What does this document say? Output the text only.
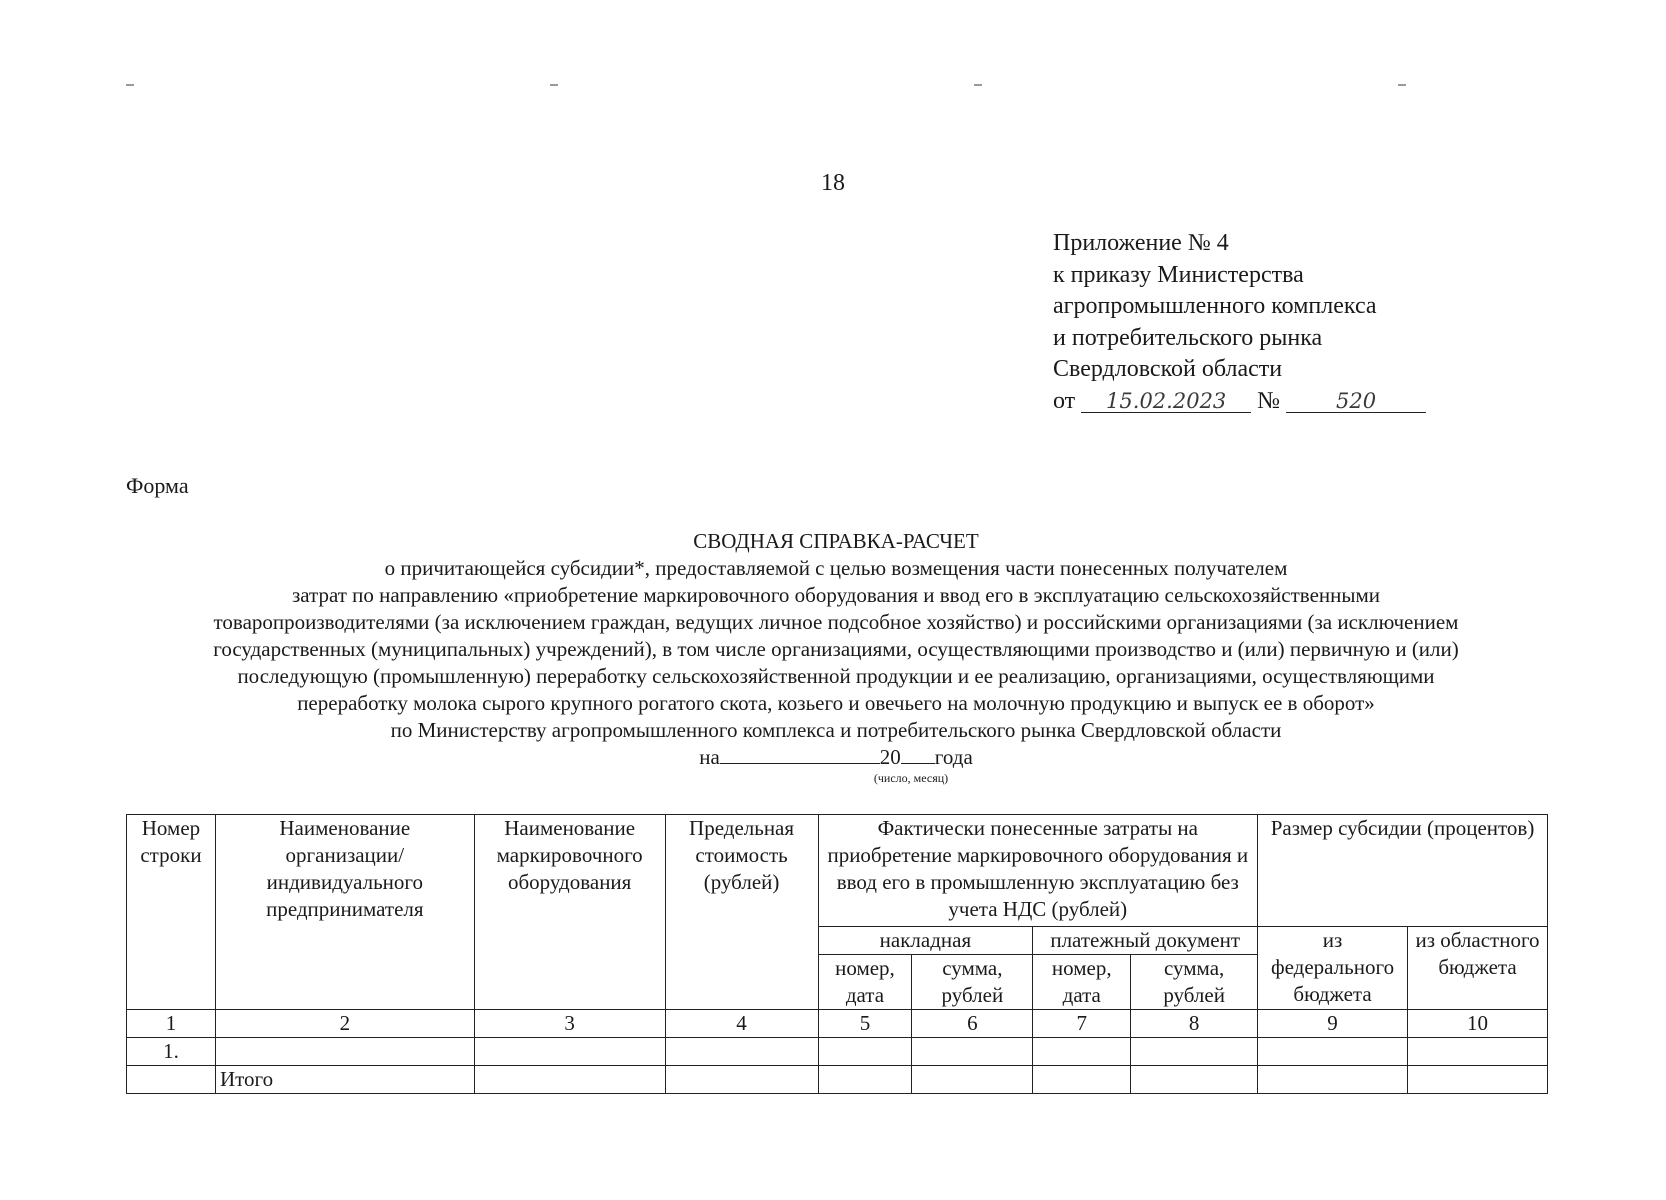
18
Приложение № 4
к приказу Министерства
агропромышленного комплекса
и потребительского рынка
Свердловской области
от 15.02.2023 №	520
Форма
СВОДНАЯ СПРАВКА-РАСЧЕТ
о причитающейся субсидии*, предоставляемой с целью возмещения части понесенных получателем
затрат по направлению «приобретение маркировочного оборудования и ввод его в эксплуатацию сельскохозяйственными
товаропроизводителями (за исключением граждан, ведущих личное подсобное хозяйство) и российскими организациями (за исключением
государственных (муниципальных) учреждений), в том числе организациями, осуществляющими производство и (или) первичную и (или)
последующую (промышленную) переработку сельскохозяйственной продукции и ее реализацию, организациями, осуществляющими
переработку молока сырого крупного рогатого скота, козьего и овечьего на молочную продукцию и выпуск ее в оборот»
по Министерству агропромышленного комплекса и потребительского рынка Свердловской области
на	20 года
(число, месяц)
Номер строки	Наименование организации/ индивидуального предпринимателя	Наименование маркировочного оборудования	Предельная стоимость (рублей)	Фактически понесенные затраты на приобретение маркировочного оборудования и ввод его в промышленную эксплуатацию без учета НДС (рублей)				Размер субсидии (процентов)	
				накладная		платежный документ		из федерального бюджета	из областного бюджета
				номер, дата	сумма, рублей	номер, дата	сумма, рублей		
1	2	3	4	5	6	7	8	9	10
1.									
	Итого								
